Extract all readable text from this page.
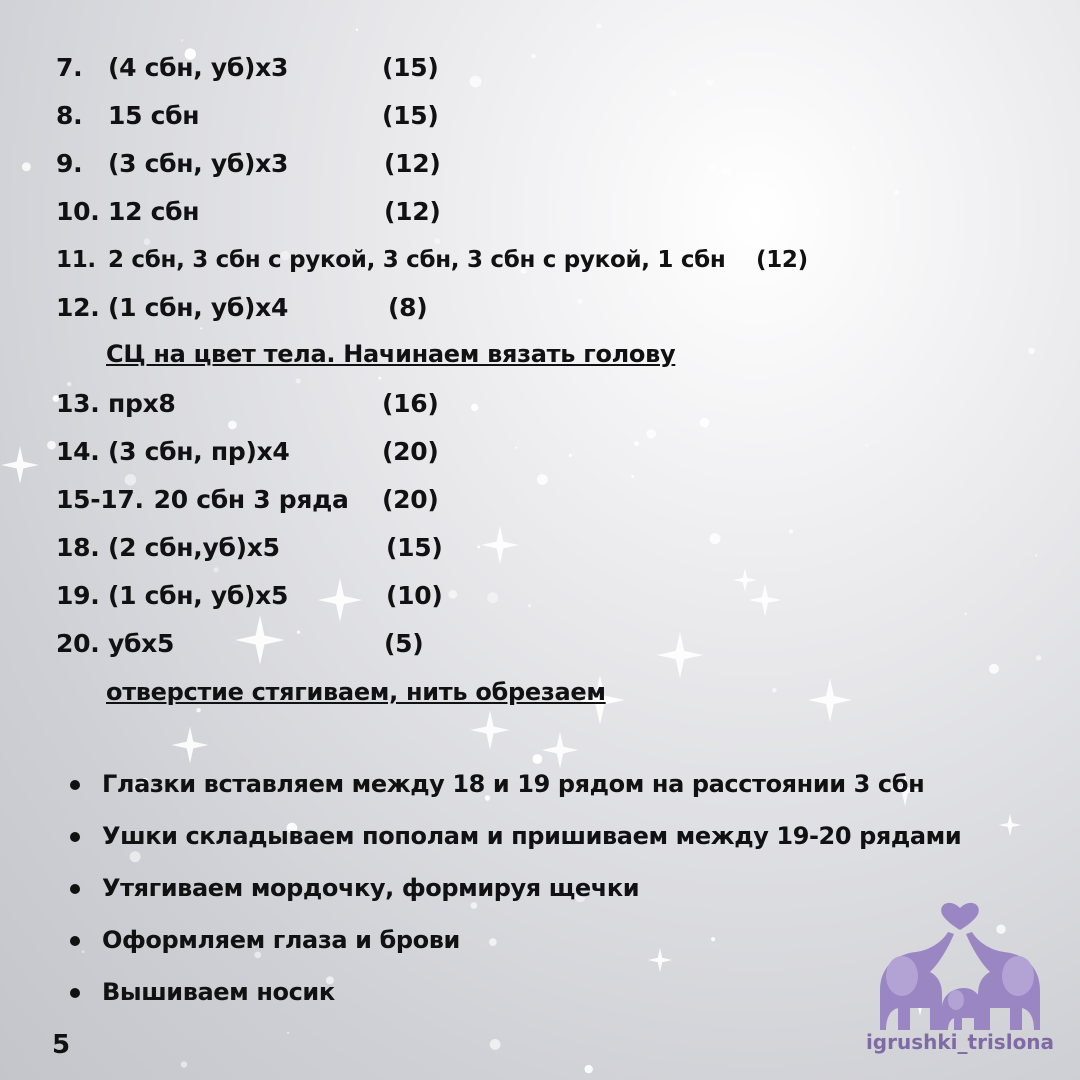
7. (4 сбн, уб)х3	(15)
8. 15 сбн	(15)
9. (3 сбн, уб)х3	(12)
10. 12 сбн	(12)
11. 2 сбн, 3 сбн с рукой, 3 сбн, 3 сбн с рукой, 1 сбн (12)
12. (1 сбн, уб)х4	(8)
СЦ на цвет тела. Начинаем вязать голову
13. прх8	(16)
14. (3 сбн, пр)х4	(20)
15-17. 20 сбн 3 ряда (20)
18. (2 сбн,уб)х5	(15)
19. (1 сбн, уб)х5	(10)
20. убх5	(5)
отверстие стягиваем, нить обрезаем
Глазки вставляем между 18 и 19 рядом на расстоянии 3 сбн
Ушки складываем пополам и пришиваем между 19-20 рядами
Утягиваем мордочку, формируя щечки
Оформляем глаза и брови
Вышиваем носик
5	igrushki_trislona
